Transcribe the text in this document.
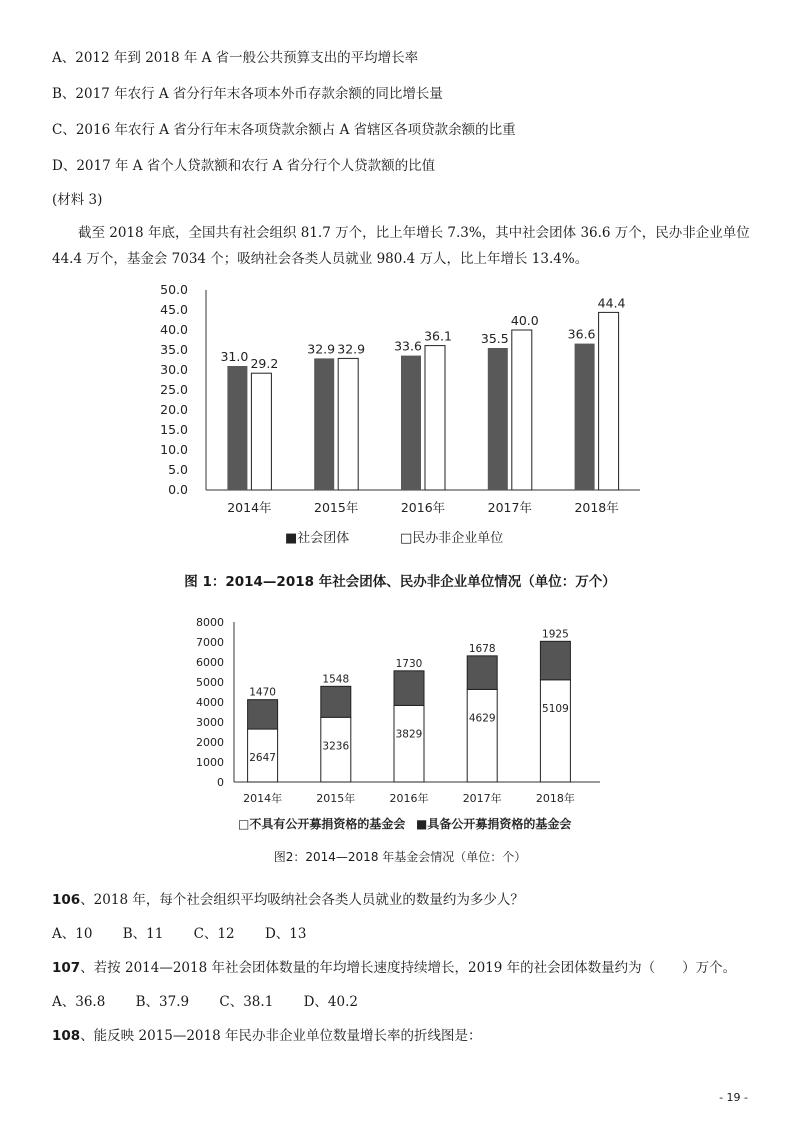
A、2012 年到 2018 年 A 省一般公共预算支出的平均增长率
B、2017 年农行 A 省分行年末各项本外币存款余额的同比增长量
C、2016 年农行 A 省分行年末各项贷款余额占 A 省辖区各项贷款余额的比重
D、2017 年 A 省个人贷款额和农行 A 省分行个人贷款额的比值
(材料 3)
截至 2018 年底，全国共有社会组织 81.7 万个，比上年增长 7.3%，其中社会团体 36.6 万个，民办非企业单位 44.4 万个，基金会 7034 个；吸纳社会各类人员就业 980.4 万人，比上年增长 13.4%。
0.0
5.0
10.0
15.0
20.0
25.0
30.0
35.0
40.0
45.0
50.0
31.0 29.2
2014年
32.9 32.9
2015年
33.6
36.1
2016年
35.5
40.0
2017年
36.6
44.4
2018年
■社会团体	□民办非企业单位
图 1：2014—2018 年社会团体、民办非企业单位情况（单位：万个）
0
1000
2000
3000
4000
5000
6000
7000
8000
2647
1470
2014年
3236
1548
2015年
3829
1730
2016年
4629
1678
2017年
5109
1925
2018年
□不具有公开募捐资格的基金会 ■具备公开募捐资格的基金会
图2：2014—2018 年基金会情况（单位：个）
106、2018 年，每个社会组织平均吸纳社会各类人员就业的数量约为多少人？
A、10 B、11 C、12 D、13
107、若按 2014—2018 年社会团体数量的年均增长速度持续增长，2019 年的社会团体数量约为（　　）万个。
A、36.8 B、37.9 C、38.1 D、40.2
108、能反映 2015—2018 年民办非企业单位数量增长率的折线图是：
- 19 -
